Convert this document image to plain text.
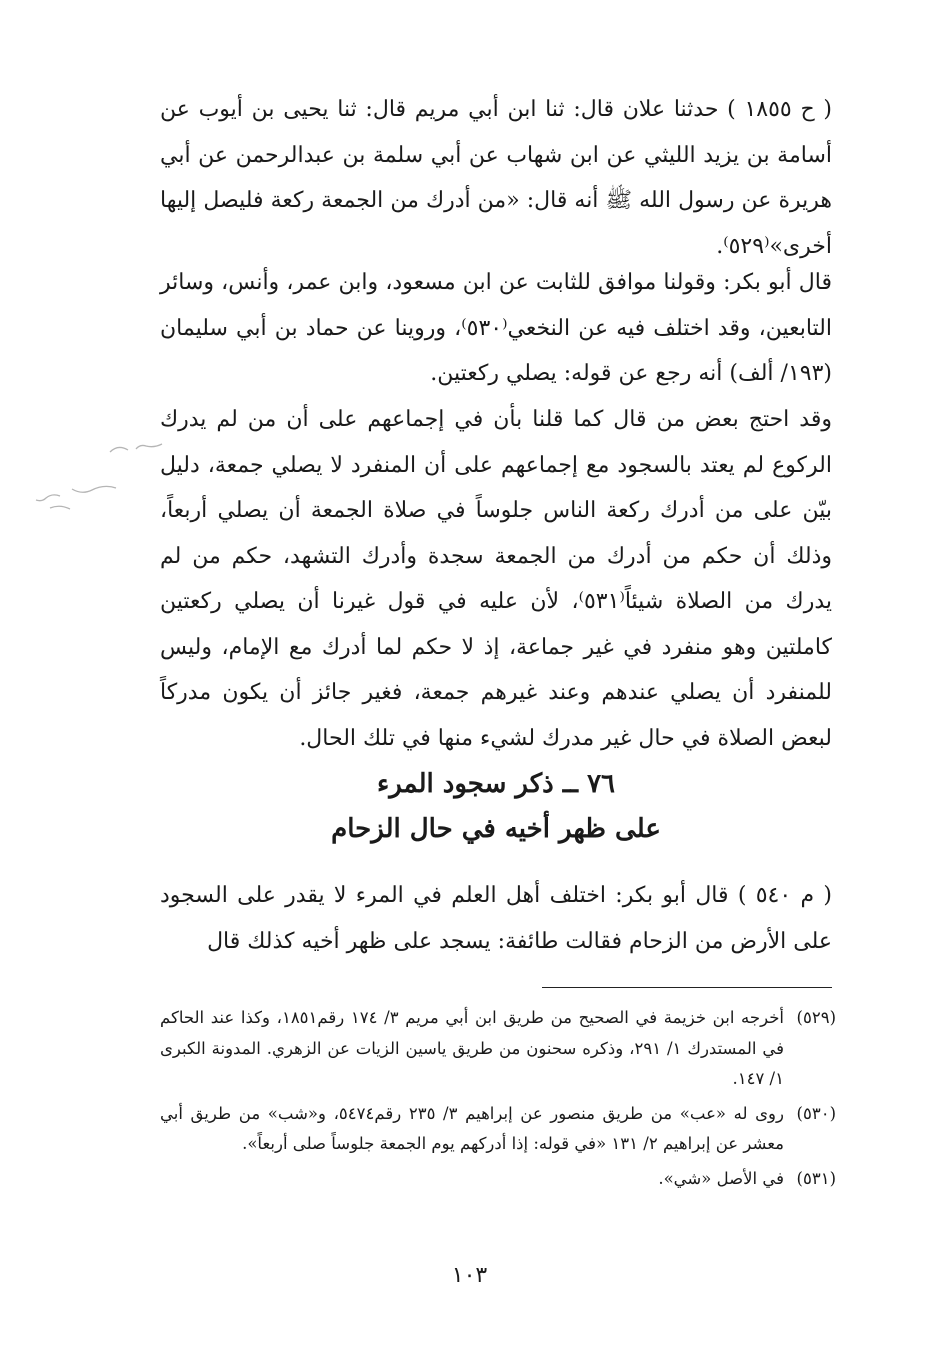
( ح ١٨٥٥ ) حدثنا علان قال: ثنا ابن أبي مريم قال: ثنا يحيى بن أيوب عن أسامة بن يزيد الليثي عن ابن شهاب عن أبي سلمة بن عبدالرحمن عن أبي هريرة عن رسول الله ﷺ أنه قال: «من أدرك من الجمعة ركعة فليصل إليها أخرى»⁽٥٢٩⁾.

قال أبو بكر: وقولنا موافق للثابت عن ابن مسعود، وابن عمر، وأنس، وسائر التابعين، وقد اختلف فيه عن النخعي⁽٥٣٠⁾، وروينا عن حماد بن أبي سليمان (١٩٣/ ألف) أنه رجع عن قوله: يصلي ركعتين.

وقد احتج بعض من قال كما قلنا بأن في إجماعهم على أن من لم يدرك الركوع لم يعتد بالسجود مع إجماعهم على أن المنفرد لا يصلي جمعة، دليل بيّن على من أدرك ركعة الناس جلوساً في صلاة الجمعة أن يصلي أربعاً، وذلك أن حكم من أدرك من الجمعة سجدة وأدرك التشهد، حكم من لم يدرك من الصلاة شيئاً⁽٥٣١⁾، لأن عليه في قول غيرنا أن يصلي ركعتين كاملتين وهو منفرد في غير جماعة، إذ لا حكم لما أدرك مع الإمام، وليس للمنفرد أن يصلي عندهم وعند غيرهم جمعة، فغير جائز أن يكون مدركاً لبعض الصلاة في حال غير مدرك لشيء منها في تلك الحال.

٧٦ ــ ذكر سجود المرء
على ظهر أخيه في حال الزحام

( م ٥٤٠ ) قال أبو بكر: اختلف أهل العلم في المرء لا يقدر على السجود على الأرض من الزحام فقالت طائفة: يسجد على ظهر أخيه كذلك قال

(٥٢٩)
أخرجه ابن خزيمة في الصحيح من طريق ابن أبي مريم ٣/ ١٧٤ رقم١٨٥١، وكذا عند الحاكم في المستدرك ١/ ٢٩١، وذكره سحنون من طريق ياسين الزيات عن الزهري. المدونة الكبرى ١/ ١٤٧.
(٥٣٠)
روى له «عب» من طريق منصور عن إبراهيم ٣/ ٢٣٥ رقم٥٤٧٤، و«شب» من طريق أبي معشر عن إبراهيم ٢/ ١٣١ «في قوله: إذا أدركهم يوم الجمعة جلوساً صلى أربعاً».
(٥٣١)
في الأصل «شي».
١٠٣
